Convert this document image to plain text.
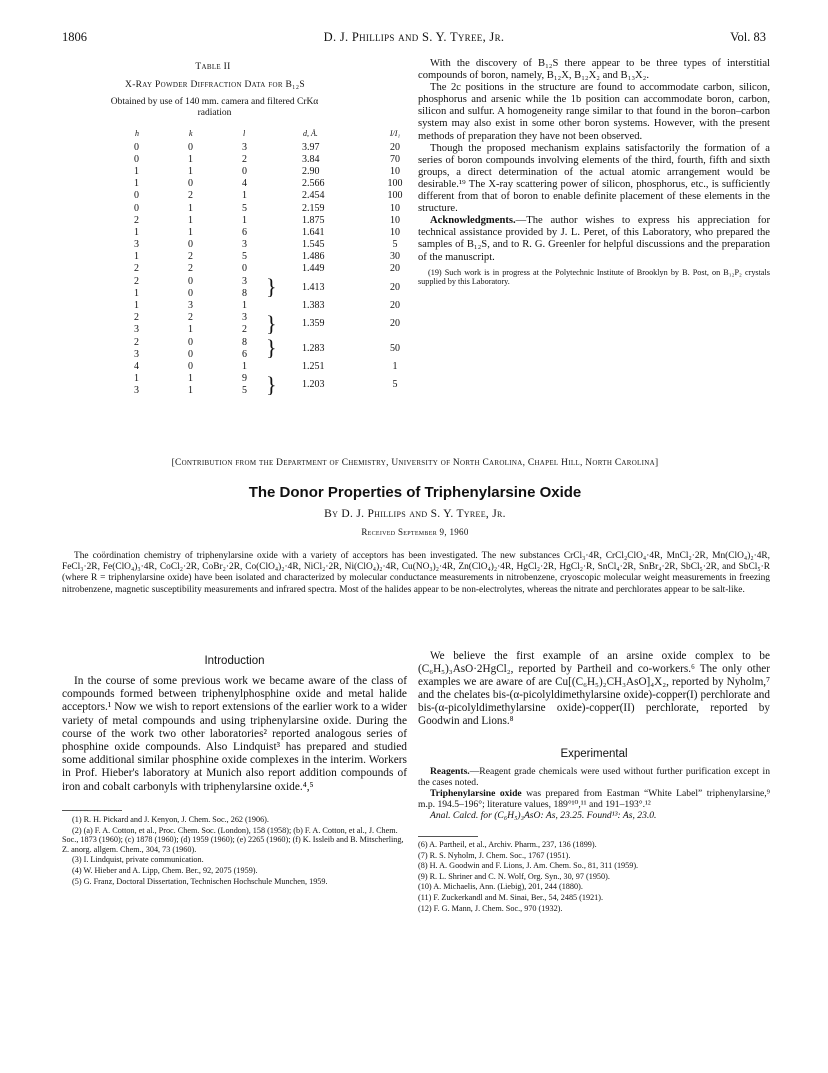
1806	D. J. Phillips and S. Y. Tyree, Jr.	Vol. 83
Table II
X-Ray Powder Diffraction Data for B₁₂S
Obtained by use of 140 mm. camera and filtered CrKα radiation
h	k	l		d, Å.	I/I₁
0	0	3		3.97	20
0	1	2		3.84	70
1	1	0		2.90	10
1	0	4		2.566	100
0	2	1		2.454	100
0	1	5		2.159	10
2	1	1		1.875	10
1	1	6		1.641	10
3	0	3		1.545	5
1	2	5		1.486	30
2	2	0		1.449	20
2	0	3	}	1.413	20
1	0	8
1	3	1		1.383	20
2	2	3	}	1.359	20
3	1	2
2	0	8	}	1.283	50
3	0	6
4	0	1		1.251	1
1	1	9	}	1.203	5
3	1	5

With the discovery of B₁₂S there appear to be three types of interstitial compounds of boron, namely, B₁₂X, B₁₂X₂ and B₁₃X₂.

The 2c positions in the structure are found to accommodate carbon, silicon, phosphorus and arsenic while the 1b position can accommodate boron, carbon, silicon and sulfur. A homogeneity range similar to that found in the boron–carbon system may also exist in some other boron systems. However, with the present methods of preparation they have not been observed.

Though the proposed mechanism explains satisfactorily the formation of a series of boron compounds involving elements of the third, fourth, fifth and sixth groups, a direct determination of the actual atomic arrangement would be desirable.¹⁹ The X-ray scattering power of silicon, phosphorus, etc., is sufficiently different from that of boron to enable definite placement of these elements in the structure.

Acknowledgments.—The author wishes to express his appreciation for technical assistance provided by J. L. Peret, of this Laboratory, who prepared the samples of B₁₂S, and to R. G. Greenler for helpful discussions and the preparation of the manuscript.

(19) Such work is in progress at the Polytechnic Institute of Brooklyn by B. Post, on B₁₂P₂ crystals supplied by this Laboratory.

[Contribution from the Department of Chemistry, University of North Carolina, Chapel Hill, North Carolina]
The Donor Properties of Triphenylarsine Oxide
By D. J. Phillips and S. Y. Tyree, Jr.
Received September 9, 1960
The coördination chemistry of triphenylarsine oxide with a variety of acceptors has been investigated. The new substances CrCl₃·4R, CrCl₂ClO₄·4R, MnCl₂·2R, Mn(ClO₄)₂·4R, FeCl₃·2R, Fe(ClO₄)₃·4R, CoCl₂·2R, CoBr₂·2R, Co(ClO₄)₂·4R, NiCl₂·2R, Ni(ClO₄)₂·4R, Cu(NO₃)₂·4R, Zn(ClO₄)₂·4R, HgCl₂·2R, HgCl₂·R, SnCl₄·2R, SnBr₄·2R, SbCl₅·2R, and SbCl₅·R (where R = triphenylarsine oxide) have been isolated and characterized by molecular conductance measurements in nitrobenzene, cryoscopic molecular weight measurements in freezing nitrobenzene, magnetic susceptibility measurements and infrared spectra. Most of the halides appear to be non-electrolytes, whereas the nitrate and perchlorates appear to be salt-like.
Introduction

In the course of some previous work we became aware of the class of compounds formed between triphenylphosphine oxide and metal halide acceptors.¹ Now we wish to report extensions of the earlier work to a wider variety of metal compounds and using triphenylarsine oxide. During the course of the work two other laboratories² reported analogous series of phosphine oxide compounds. Also Lindquist³ has prepared and studied some additional similar phosphine oxide complexes in the interim. Workers in Prof. Hieber's laboratory at Munich also report addition compounds of iron and cobalt carbonyls with triphenylarsine oxide.⁴,⁵

(1) R. H. Pickard and J. Kenyon, J. Chem. Soc., 262 (1906).

(2) (a) F. A. Cotton, et al., Proc. Chem. Soc. (London), 158 (1958); (b) F. A. Cotton, et al., J. Chem. Soc., 1873 (1960); (c) 1878 (1960); (d) 1959 (1960); (e) 2265 (1960); (f) K. Issleib and B. Mitscherling, Z. anorg. allgem. Chem., 304, 73 (1960).

(3) I. Lindquist, private communication.

(4) W. Hieber and A. Lipp, Chem. Ber., 92, 2075 (1959).

(5) G. Franz, Doctoral Dissertation, Technischen Hochschule Munchen, 1959.

We believe the first example of an arsine oxide complex to be (C₆H₅)₃AsO·2HgCl₂, reported by Partheil and co-workers.⁶ The only other examples we are aware of are Cu[(C₆H₅)₂CH₃AsO]₄X₂, reported by Nyholm,⁷ and the chelates bis-(α-picolyldimethylarsine oxide)-copper(I) perchlorate and bis-(α-picolyldimethylarsine oxide)-copper(II) perchlorate, reported by Goodwin and Lions.⁸

Experimental

Reagents.—Reagent grade chemicals were used without further purification except in the cases noted.

Triphenylarsine oxide was prepared from Eastman “White Label” triphenylarsine,⁹ m.p. 194.5–196°; literature values, 189°¹⁰,¹¹ and 191–193°.¹²

Anal. Calcd. for (C₆H₅)₃AsO: As, 23.25. Found¹³: As, 23.0.

(6) A. Partheil, et al., Archiv. Pharm., 237, 136 (1899).

(7) R. S. Nyholm, J. Chem. Soc., 1767 (1951).

(8) H. A. Goodwin and F. Lions, J. Am. Chem. So., 81, 311 (1959).

(9) R. L. Shriner and C. N. Wolf, Org. Syn., 30, 97 (1950).

(10) A. Michaelis, Ann. (Liebig), 201, 244 (1880).

(11) F. Zuckerkandl and M. Sinai, Ber., 54, 2485 (1921).

(12) F. G. Mann, J. Chem. Soc., 970 (1932).
